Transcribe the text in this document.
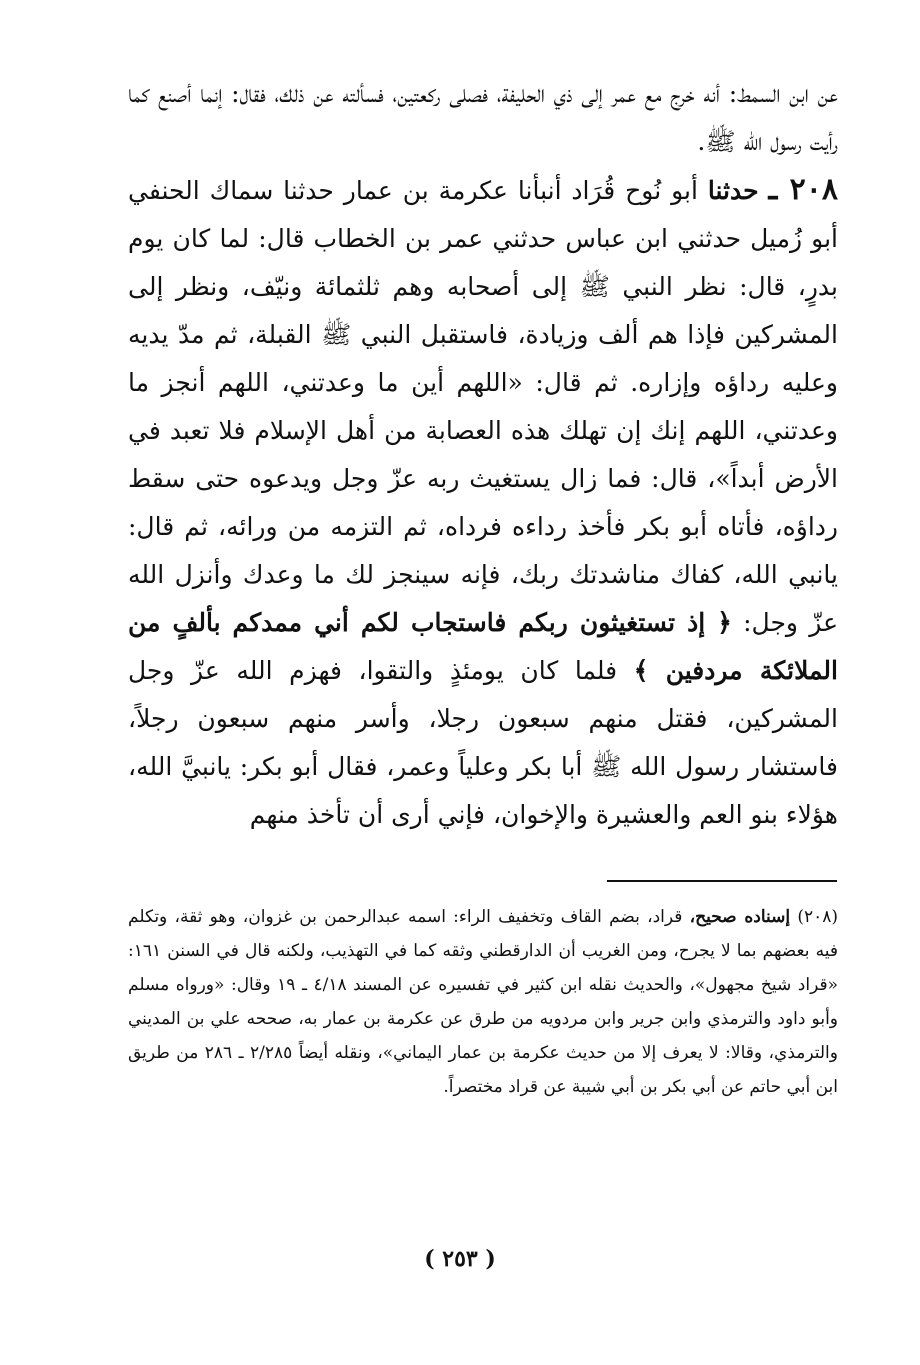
عن ابن السمط: أنه خرج مع عمر إلى ذي الحليفة، فصلى ركعتين، فسألته عن ذلك، فقال: إنما أصنع كما رأيت رسول الله ﷺ.

٢٠٨ ـ حدثنا أبو نُوح قُرَاد أنبأنا عكرمة بن عمار حدثنا سماك الحنفي أبو زُميل حدثني ابن عباس حدثني عمر بن الخطاب قال: لما كان يوم بدرٍ، قال: نظر النبي ﷺ إلى أصحابه وهم ثلثمائة ونيّف، ونظر إلى المشركين فإذا هم ألف وزيادة، فاستقبل النبي ﷺ القبلة، ثم مدّ يديه وعليه رداؤه وإزاره. ثم قال: «اللهم أين ما وعدتني، اللهم أنجز ما وعدتني، اللهم إنك إن تهلك هذه العصابة من أهل الإسلام فلا تعبد في الأرض أبداً»، قال: فما زال يستغيث ربه عزّ وجل ويدعوه حتى سقط رداؤه، فأتاه أبو بكر فأخذ رداءه فرداه، ثم التزمه من ورائه، ثم قال: يانبي الله، كفاك مناشدتك ربك، فإنه سينجز لك ما وعدك وأنزل الله عزّ وجل: ﴿ إذ تستغيثون ربكم فاستجاب لكم أني ممدكم بألفٍ من الملائكة مردفين ﴾ فلما كان يومئذٍ والتقوا، فهزم الله عزّ وجل المشركين، فقتل منهم سبعون رجلا، وأسر منهم سبعون رجلاً، فاستشار رسول الله ﷺ أبا بكر وعلياً وعمر، فقال أبو بكر: يانبيَّ الله، هؤلاء بنو العم والعشيرة والإخوان، فإني أرى أن تأخذ منهم

(٢٠٨) إسناده صحيح، قراد، بضم القاف وتخفيف الراء: اسمه عبدالرحمن بن غزوان، وهو ثقة، وتكلم فيه بعضهم بما لا يجرح، ومن الغريب أن الدارقطني وثقه كما في التهذيب، ولكنه قال في السنن ١٦١: «قراد شيخ مجهول»، والحديث نقله ابن كثير في تفسيره عن المسند ٤/١٨ ـ ١٩ وقال: «ورواه مسلم وأبو داود والترمذي وابن جرير وابن مردويه من طرق عن عكرمة بن عمار به، صححه علي بن المديني والترمذي، وقالا: لا يعرف إلا من حديث عكرمة بن عمار اليماني»، ونقله أيضاً ٢/٢٨٥ ـ ٢٨٦ من طريق ابن أبي حاتم عن أبي بكر بن أبي شيبة عن قراد مختصراً.

( ٢٥٣ )
